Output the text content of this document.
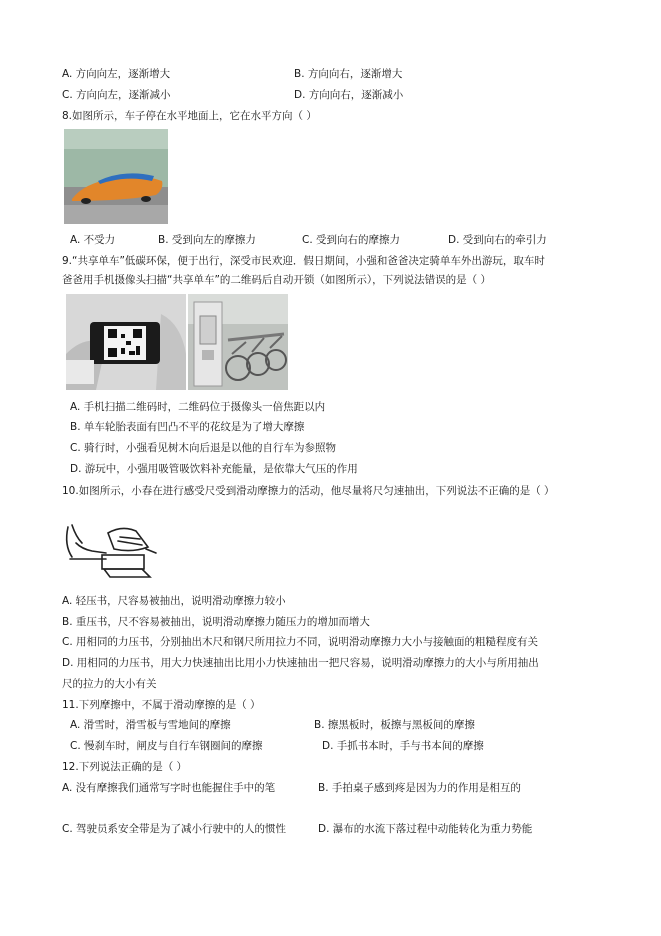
A. 方向向左，逐渐增大	B. 方向向右，逐渐增大
C. 方向向左，逐渐减小	D. 方向向右，逐渐减小
8.如图所示，车子停在水平地面上，它在水平方向（ ）
A. 不受力	B. 受到向左的摩擦力	C. 受到向右的摩擦力	D. 受到向右的牵引力
9.“共享单车”低碳环保，便于出行，深受市民欢迎．假日期间，小强和爸爸决定骑单车外出游玩，取车时
爸爸用手机摄像头扫描“共享单车”的二维码后自动开锁（如图所示），下列说法错误的是（ ）
A. 手机扫描二维码时，二维码位于摄像头一倍焦距以内
B. 单车轮胎表面有凹凸不平的花纹是为了增大摩擦
C. 骑行时，小强看见树木向后退是以他的自行车为参照物
D. 游玩中，小强用吸管吸饮料补充能量，是依靠大气压的作用
10.如图所示，小春在进行感受尺受到滑动摩擦力的活动，他尽量将尺匀速抽出，下列说法不正确的是（ ）
A. 轻压书，尺容易被抽出，说明滑动摩擦力较小
B. 重压书，尺不容易被抽出，说明滑动摩擦力随压力的增加而增大
C. 用相同的力压书，分别抽出木尺和钢尺所用拉力不同，说明滑动摩擦力大小与接触面的粗糙程度有关
D. 用相同的力压书，用大力快速抽出比用小力快速抽出一把尺容易，说明滑动摩擦力的大小与所用抽出
尺的拉力的大小有关
11.下列摩擦中，不属于滑动摩擦的是（ ）
A. 滑雪时，滑雪板与雪地间的摩擦	B. 擦黑板时，板擦与黑板间的摩擦
C. 慢刹车时，闸皮与自行车钢圈间的摩擦	D. 手抓书本时，手与书本间的摩擦
12.下列说法正确的是（ ）
A. 没有摩擦我们通常写字时也能握住手中的笔	B. 手拍桌子感到疼是因为力的作用是相互的
C. 驾驶员系安全带是为了减小行驶中的人的惯性	D. 瀑布的水流下落过程中动能转化为重力势能
